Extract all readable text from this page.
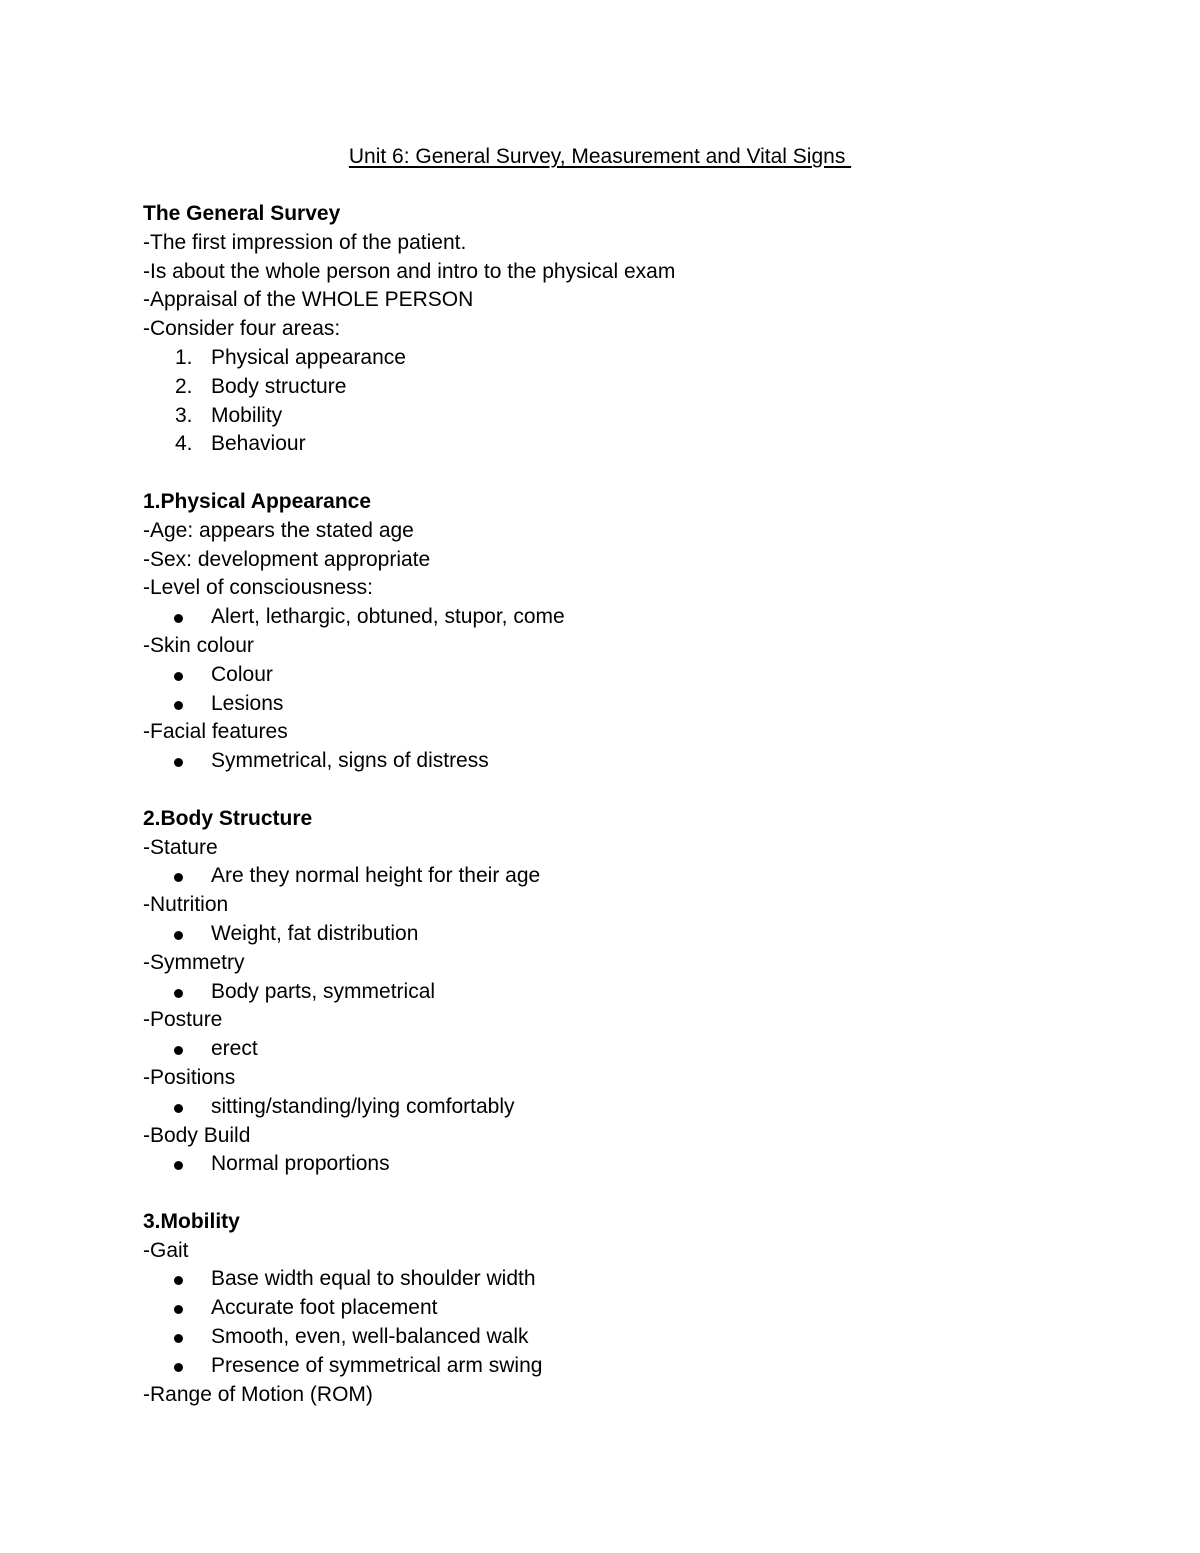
Unit 6: General Survey, Measurement and Vital Signs
The General Survey
-The first impression of the patient.
-Is about the whole person and intro to the physical exam
-Appraisal of the WHOLE PERSON
-Consider four areas:
1. Physical appearance
2. Body structure
3. Mobility
4. Behaviour
1.Physical Appearance
-Age: appears the stated age
-Sex: development appropriate
-Level of consciousness:
Alert, lethargic, obtuned, stupor, come
-Skin colour
Colour
Lesions
-Facial features
Symmetrical, signs of distress
2.Body Structure
-Stature
Are they normal height for their age
-Nutrition
Weight, fat distribution
-Symmetry
Body parts, symmetrical
-Posture
erect
-Positions
sitting/standing/lying comfortably
-Body Build
Normal proportions
3.Mobility
-Gait
Base width equal to shoulder width
Accurate foot placement
Smooth, even, well-balanced walk
Presence of symmetrical arm swing
-Range of Motion (ROM)
